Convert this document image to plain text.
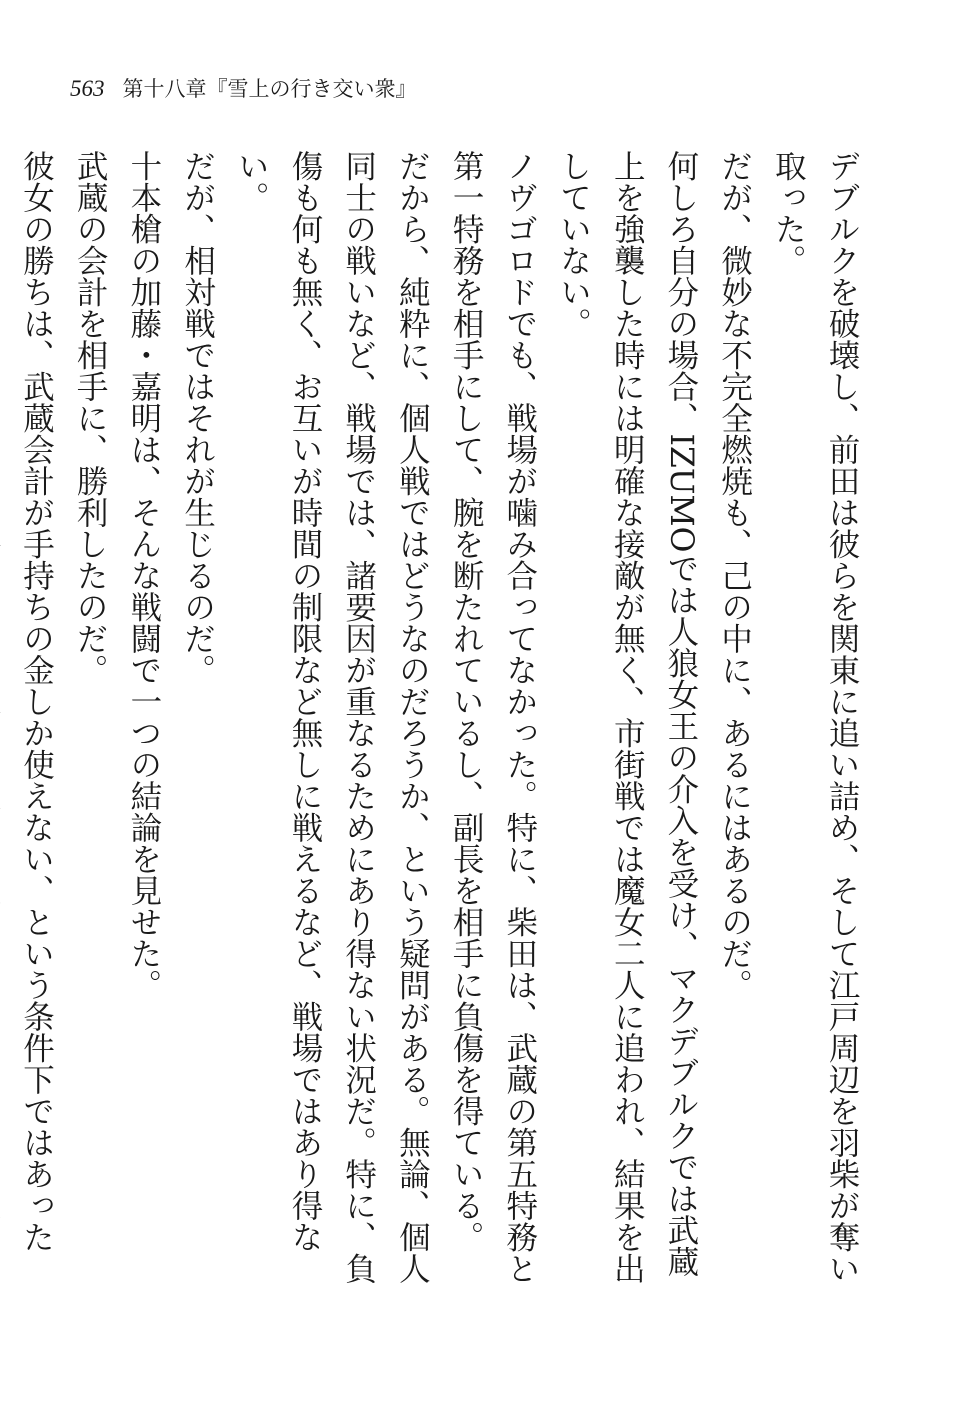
563 第十八章『雪上の行き交い衆』

デブルクを破壊し、前田は彼らを関東に追い詰め、そして江戸周辺を羽柴が奪い取った。

だが、微妙な不完全燃焼も、己の中に、あるにはあるのだ。

何しろ自分の場合、IZUMOでは人狼女王の介入を受け、マクデブルクでは武蔵上を強襲した時には明確な接敵が無く、市街戦では魔女二人に追われ、結果を出していない。

ノヴゴロドでも、戦場が噛み合ってなかった。特に、柴田は、武蔵の第五特務と第一特務を相手にして、腕を断たれているし、副長を相手に負傷を得ている。

だから、純粋に、個人戦ではどうなのだろうか、という疑問がある。無論、個人同士の戦いなど、戦場では、諸要因が重なるためにあり得ない状況だ。特に、負傷も何も無く、お互いが時間の制限など無しに戦えるなど、戦場ではあり得ない。

だが、相対戦ではそれが生じるのだ。

十本槍の加藤・嘉明は、そんな戦闘で一つの結論を見せた。

武蔵の会計を相手に、勝利したのだ。

彼女の勝ちは、武蔵会計が手持ちの金しか使えない、という条件下ではあった
